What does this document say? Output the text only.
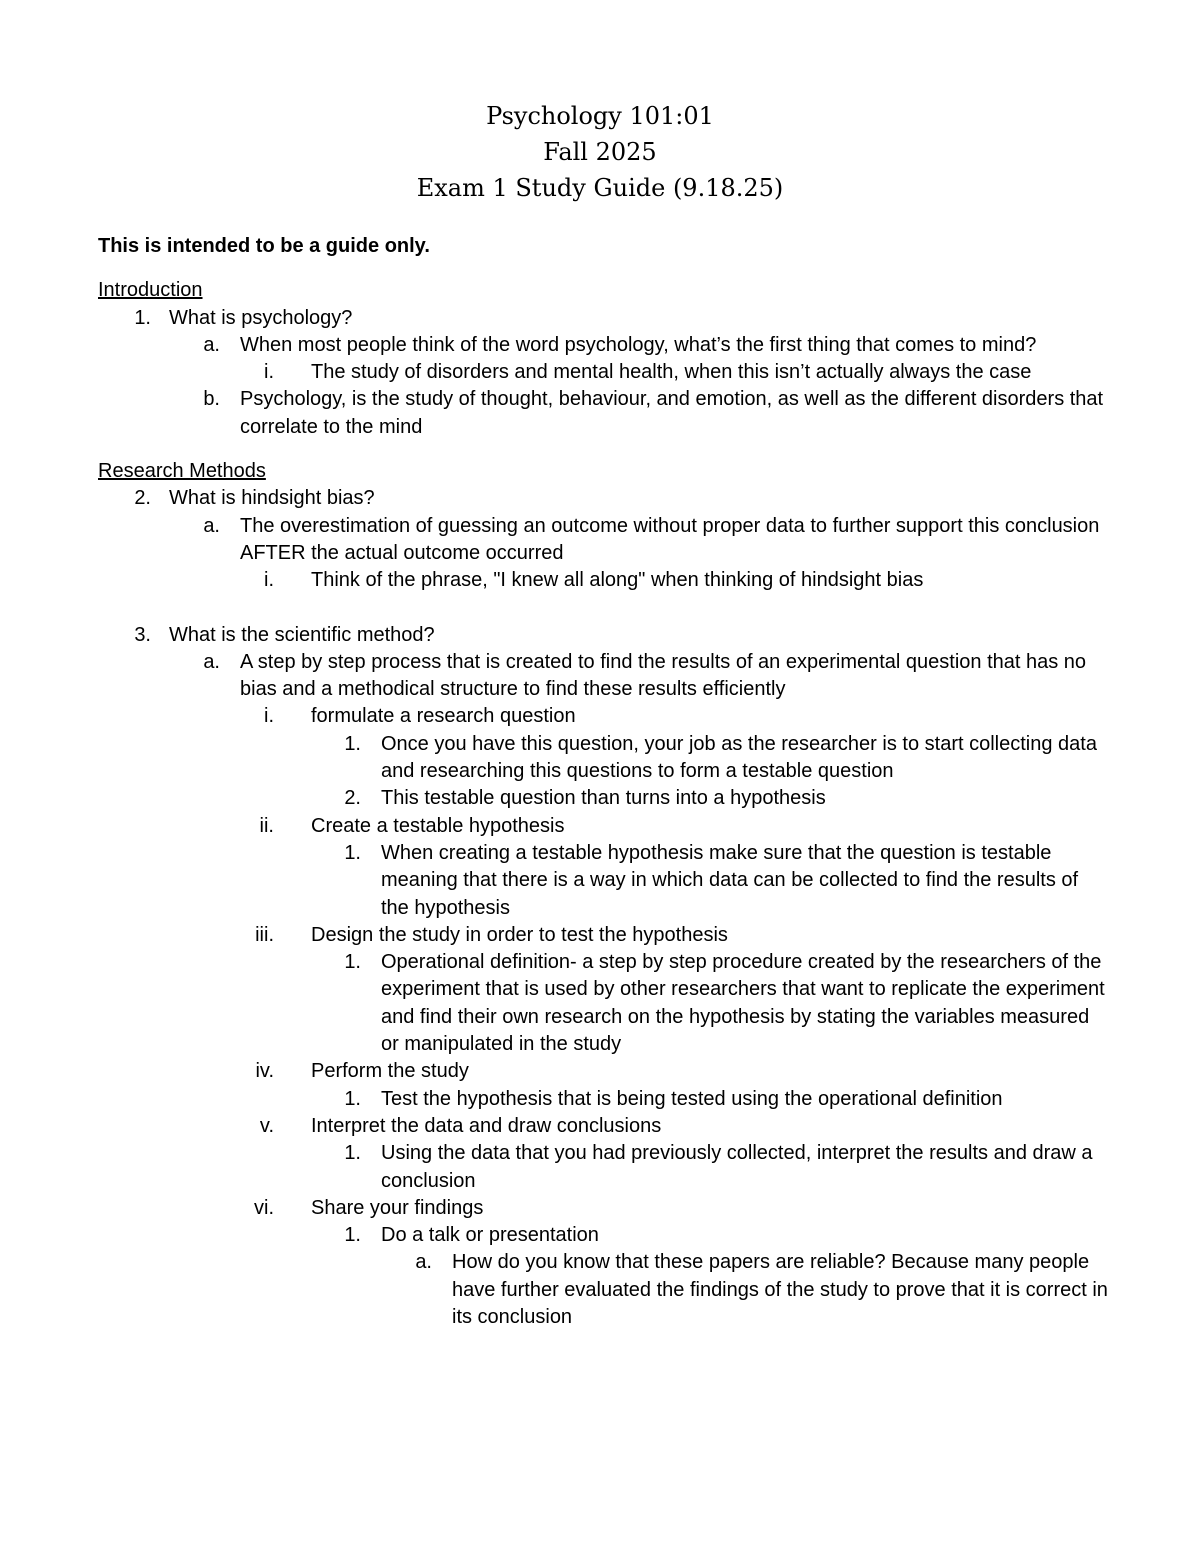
Psychology 101:01
Fall 2025
Exam 1 Study Guide (9.18.25)
This is intended to be a guide only.
Introduction
1. What is psychology?
a. When most people think of the word psychology, what’s the first thing that comes to mind?
i. The study of disorders and mental health, when this isn’t actually always the case
b. Psychology, is the study of thought, behaviour, and emotion, as well as the different disorders that correlate to the mind
Research Methods
2. What is hindsight bias?
a. The overestimation of guessing an outcome without proper data to further support this conclusion AFTER the actual outcome occurred
i. Think of the phrase, "I knew all along" when thinking of hindsight bias
3. What is the scientific method?
a. A step by step process that is created to find the results of an experimental question that has no bias and a methodical structure to find these results efficiently
i. formulate a research question
1. Once you have this question, your job as the researcher is to start collecting data and researching this questions to form a testable question
2. This testable question than turns into a hypothesis
ii. Create a testable hypothesis
1. When creating a testable hypothesis make sure that the question is testable meaning that there is a way in which data can be collected to find the results of the hypothesis
iii. Design the study in order to test the hypothesis
1. Operational definition- a step by step procedure created by the researchers of the experiment that is used by other researchers that want to replicate the experiment and find their own research on the hypothesis by stating the variables measured or manipulated in the study
iv. Perform the study
1. Test the hypothesis that is being tested using the operational definition
v. Interpret the data and draw conclusions
1. Using the data that you had previously collected, interpret the results and draw a conclusion
vi. Share your findings
1. Do a talk or presentation
a. How do you know that these papers are reliable? Because many people have further evaluated the findings of the study to prove that it is correct in its conclusion
